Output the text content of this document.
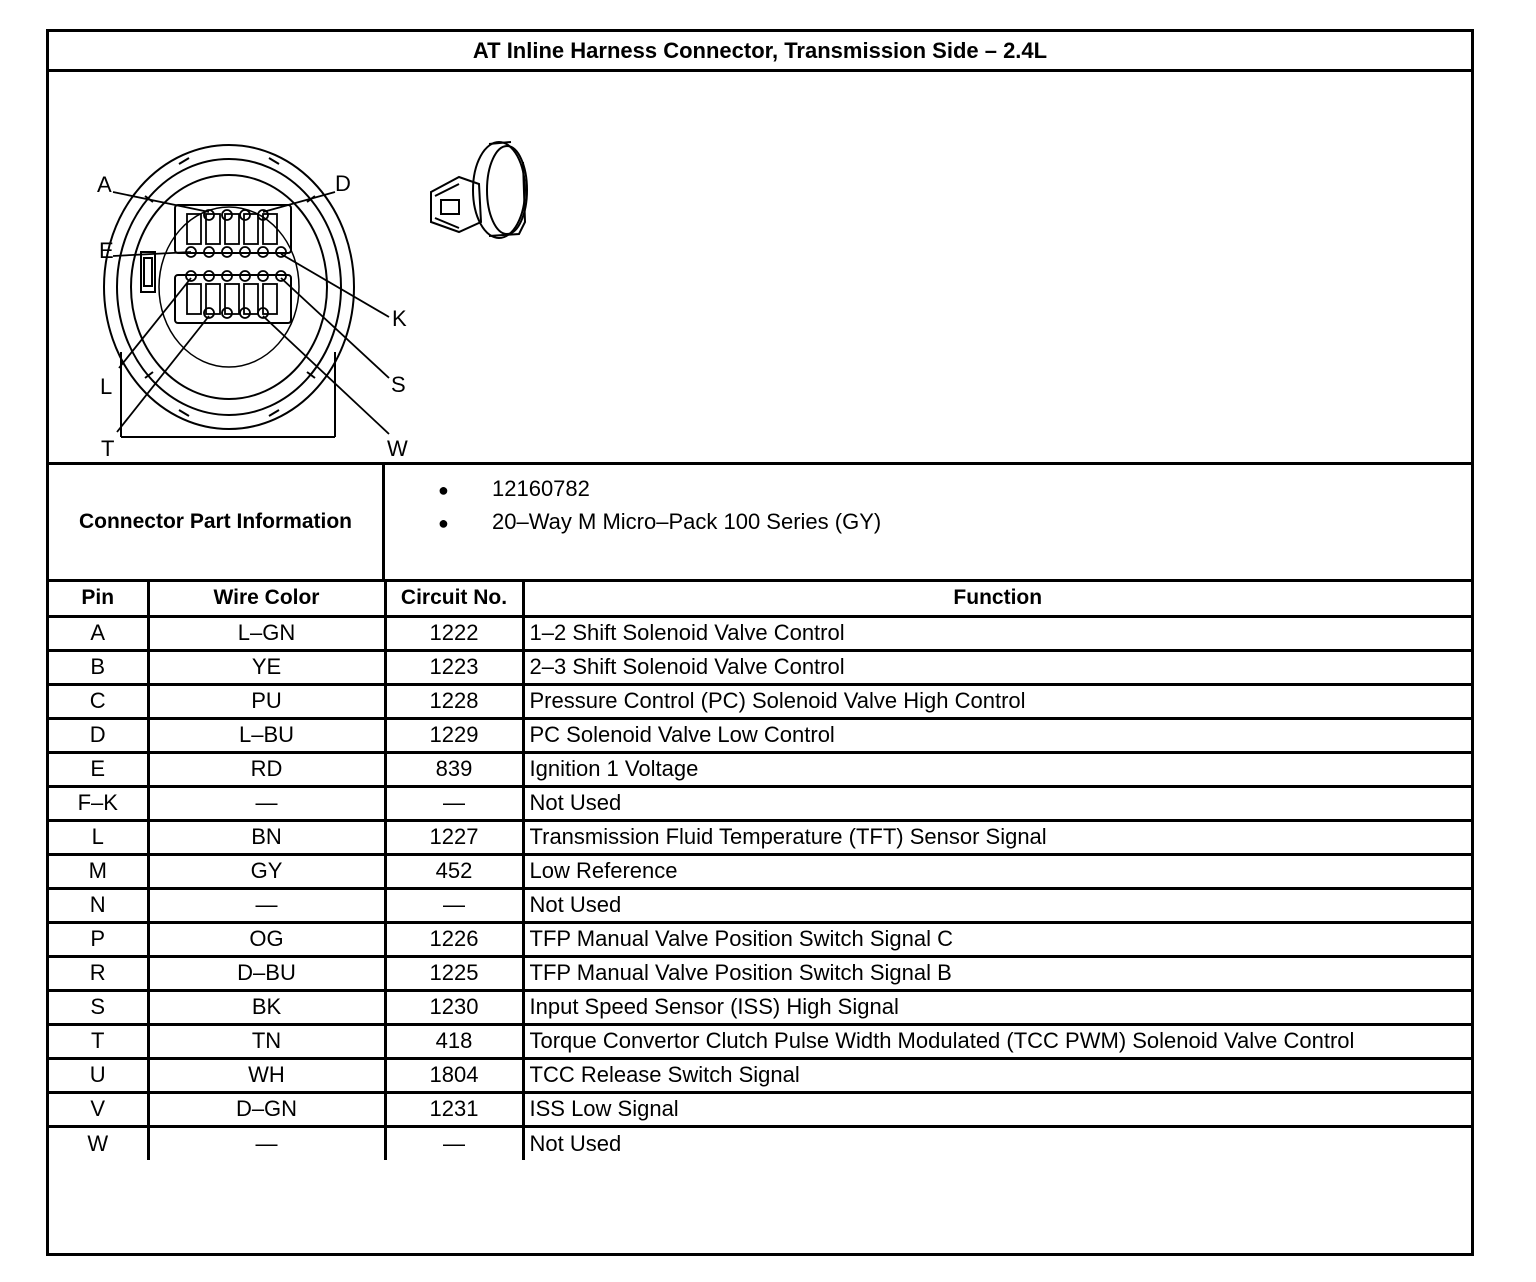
AT Inline Harness Connector, Transmission Side – 2.4L
A	D
E
K
L	S
T	W
Connector Part Information
● 12160782
● 20–Way M Micro–Pack 100 Series (GY)
Pin	Wire Color	Circuit No.	Function
A	L–GN	1222	1–2 Shift Solenoid Valve Control
B	YE	1223	2–3 Shift Solenoid Valve Control
C	PU	1228	Pressure Control (PC) Solenoid Valve High Control
D	L–BU	1229	PC Solenoid Valve Low Control
E	RD	839	Ignition 1 Voltage
F–K	—	—	Not Used
L	BN	1227	Transmission Fluid Temperature (TFT) Sensor Signal
M	GY	452	Low Reference
N	—	—	Not Used
P	OG	1226	TFP Manual Valve Position Switch Signal C
R	D–BU	1225	TFP Manual Valve Position Switch Signal B
S	BK	1230	Input Speed Sensor (ISS) High Signal
T	TN	418	Torque Convertor Clutch Pulse Width Modulated (TCC PWM) Solenoid Valve Control
U	WH	1804	TCC Release Switch Signal
V	D–GN	1231	ISS Low Signal
W	—	—	Not Used
